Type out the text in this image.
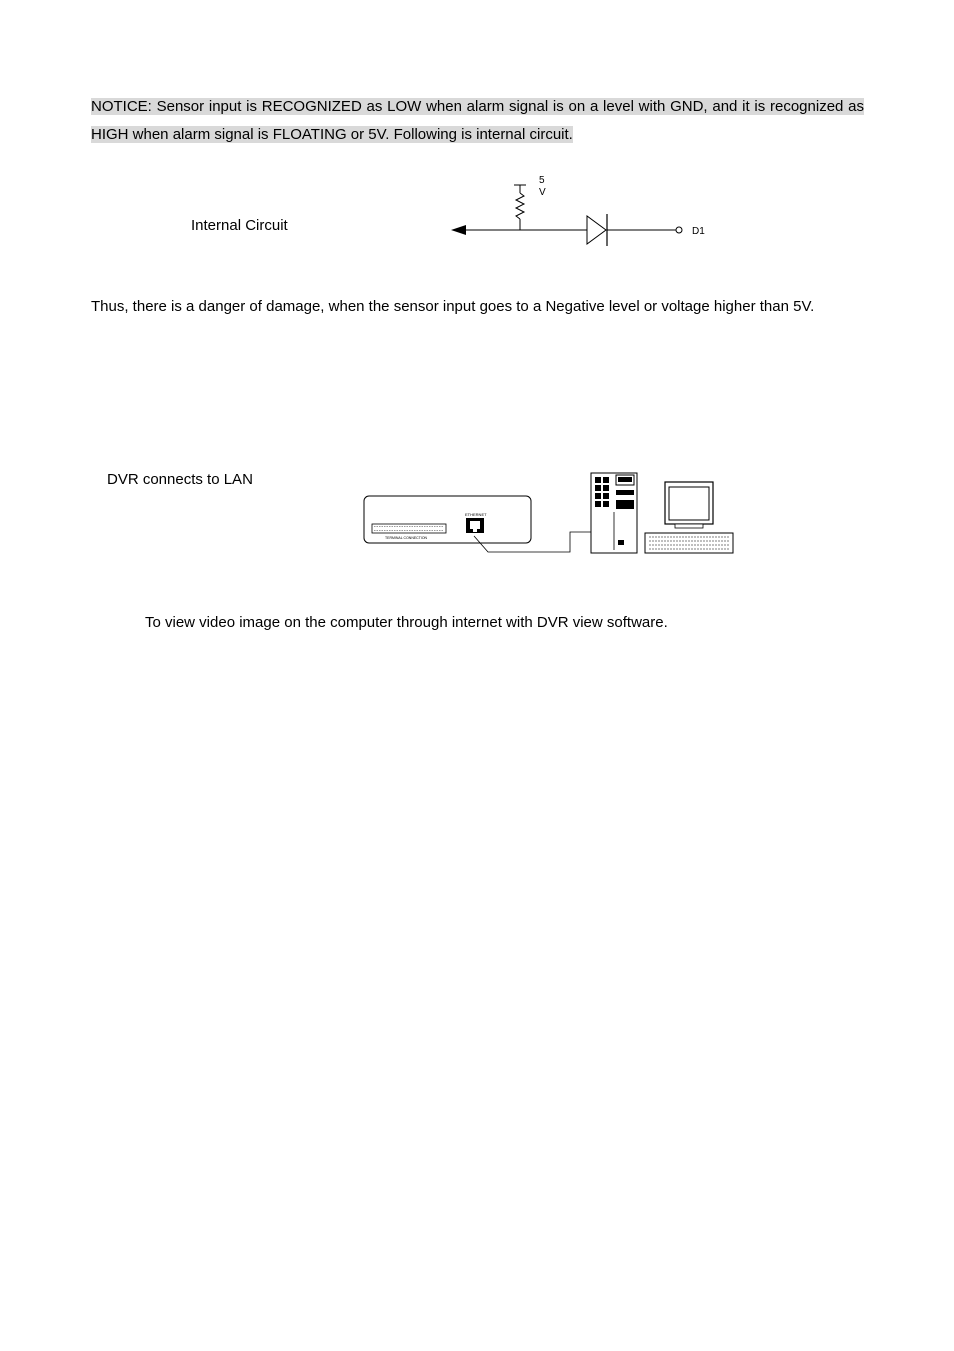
NOTICE: Sensor input is RECOGNIZED as LOW when alarm signal is on a level with GND, and it is recognized as HIGH when alarm signal is FLOATING or 5V. Following is internal circuit.
Internal Circuit
5
V
D1
Thus, there is a danger of damage, when the sensor input goes to a Negative level or voltage higher than 5V.
DVR connects to LAN
TERMINAL CONNECTION
ETHERNET
To view video image on the computer through internet with DVR view software.
